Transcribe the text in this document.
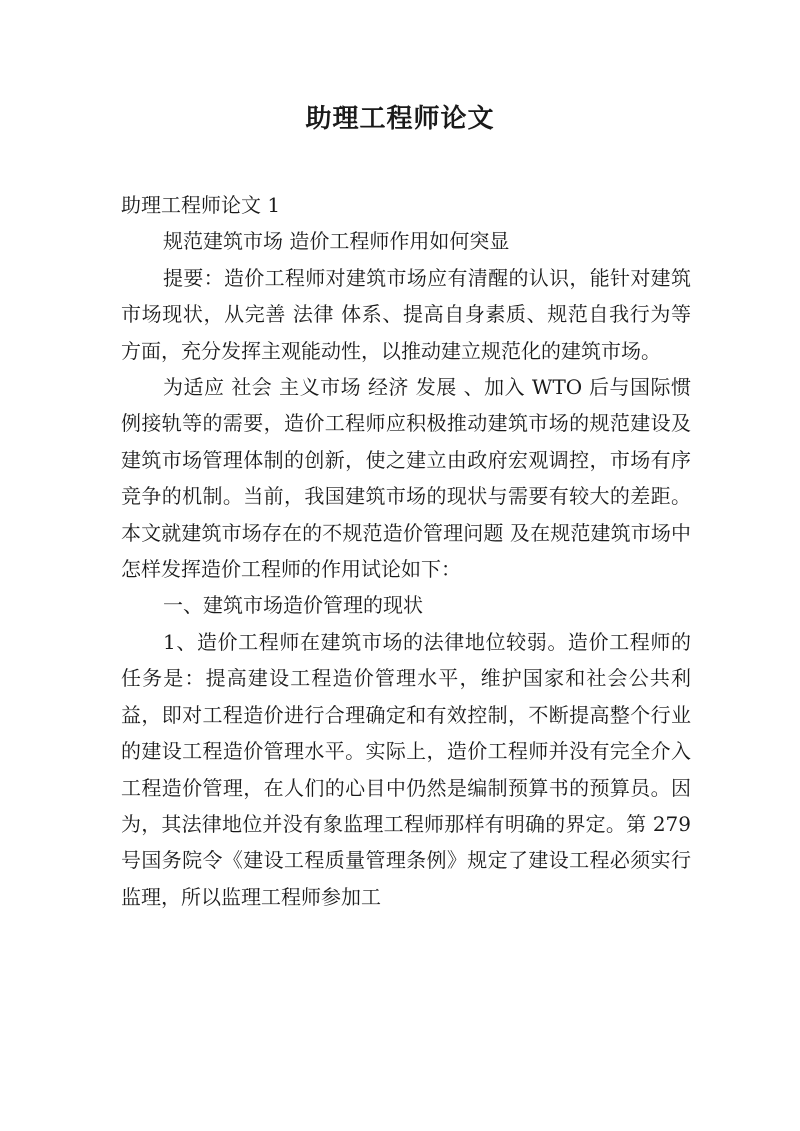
助理工程师论文

助理工程师论文 1

规范建筑市场 造价工程师作用如何突显

提要：造价工程师对建筑市场应有清醒的认识，能针对建筑市场现状，从完善 法律 体系、提高自身素质、规范自我行为等方面，充分发挥主观能动性，以推动建立规范化的建筑市场。

为适应 社会 主义市场 经济 发展 、加入 WTO 后与国际惯例接轨等的需要，造价工程师应积极推动建筑市场的规范建设及建筑市场管理体制的创新，使之建立由政府宏观调控，市场有序竞争的机制。当前，我国建筑市场的现状与需要有较大的差距。本文就建筑市场存在的不规范造价管理问题 及在规范建筑市场中怎样发挥造价工程师的作用试论如下：

一、建筑市场造价管理的现状

1、造价工程师在建筑市场的法律地位较弱。造价工程师的任务是：提高建设工程造价管理水平，维护国家和社会公共利益，即对工程造价进行合理确定和有效控制，不断提高整个行业的建设工程造价管理水平。实际上，造价工程师并没有完全介入工程造价管理，在人们的心目中仍然是编制预算书的预算员。因为，其法律地位并没有象监理工程师那样有明确的界定。第 279 号国务院令《建设工程质量管理条例》规定了建设工程必须实行监理，所以监理工程师参加工
